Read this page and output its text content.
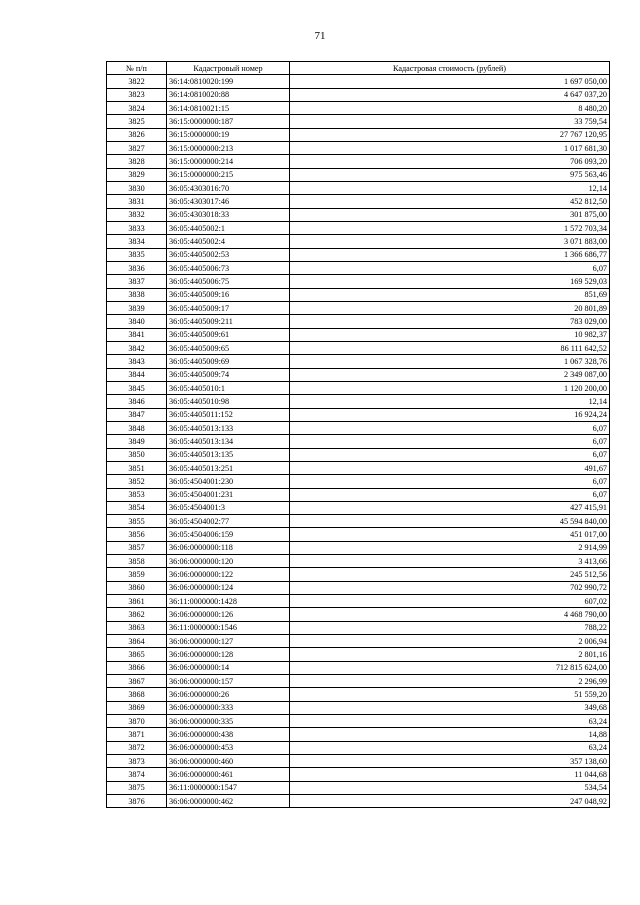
71
№ п/п	Кадастровый номер	Кадастровая стоимость (рублей)
3822	36:14:0810020:199	1 697 050,00
3823	36:14:0810020:88	4 647 037,20
3824	36:14:0810021:15	8 480,20
3825	36:15:0000000:187	33 759,54
3826	36:15:0000000:19	27 767 120,95
3827	36:15:0000000:213	1 017 681,30
3828	36:15:0000000:214	706 093,20
3829	36:15:0000000:215	975 563,46
3830	36:05:4303016:70	12,14
3831	36:05:4303017:46	452 812,50
3832	36:05:4303018:33	301 875,00
3833	36:05:4405002:1	1 572 703,34
3834	36:05:4405002:4	3 071 883,00
3835	36:05:4405002:53	1 366 686,77
3836	36:05:4405006:73	6,07
3837	36:05:4405006:75	169 529,03
3838	36:05:4405009:16	851,69
3839	36:05:4405009:17	20 801,89
3840	36:05:4405009:211	783 029,00
3841	36:05:4405009:61	10 982,37
3842	36:05:4405009:65	86 111 642,52
3843	36:05:4405009:69	1 067 328,76
3844	36:05:4405009:74	2 349 087,00
3845	36:05:4405010:1	1 120 200,00
3846	36:05:4405010:98	12,14
3847	36:05:4405011:152	16 924,24
3848	36:05:4405013:133	6,07
3849	36:05:4405013:134	6,07
3850	36:05:4405013:135	6,07
3851	36:05:4405013:251	491,67
3852	36:05:4504001:230	6,07
3853	36:05:4504001:231	6,07
3854	36:05:4504001:3	427 415,91
3855	36:05:4504002:77	45 594 840,00
3856	36:05:4504006:159	451 017,00
3857	36:06:0000000:118	2 914,99
3858	36:06:0000000:120	3 413,66
3859	36:06:0000000:122	245 512,56
3860	36:06:0000000:124	702 990,72
3861	36:11:0000000:1428	607,02
3862	36:06:0000000:126	4 468 790,00
3863	36:11:0000000:1546	788,22
3864	36:06:0000000:127	2 006,94
3865	36:06:0000000:128	2 801,16
3866	36:06:0000000:14	712 815 624,00
3867	36:06:0000000:157	2 296,99
3868	36:06:0000000:26	51 559,20
3869	36:06:0000000:333	349,68
3870	36:06:0000000:335	63,24
3871	36:06:0000000:438	14,88
3872	36:06:0000000:453	63,24
3873	36:06:0000000:460	357 138,60
3874	36:06:0000000:461	11 044,68
3875	36:11:0000000:1547	534,54
3876	36:06:0000000:462	247 048,92
